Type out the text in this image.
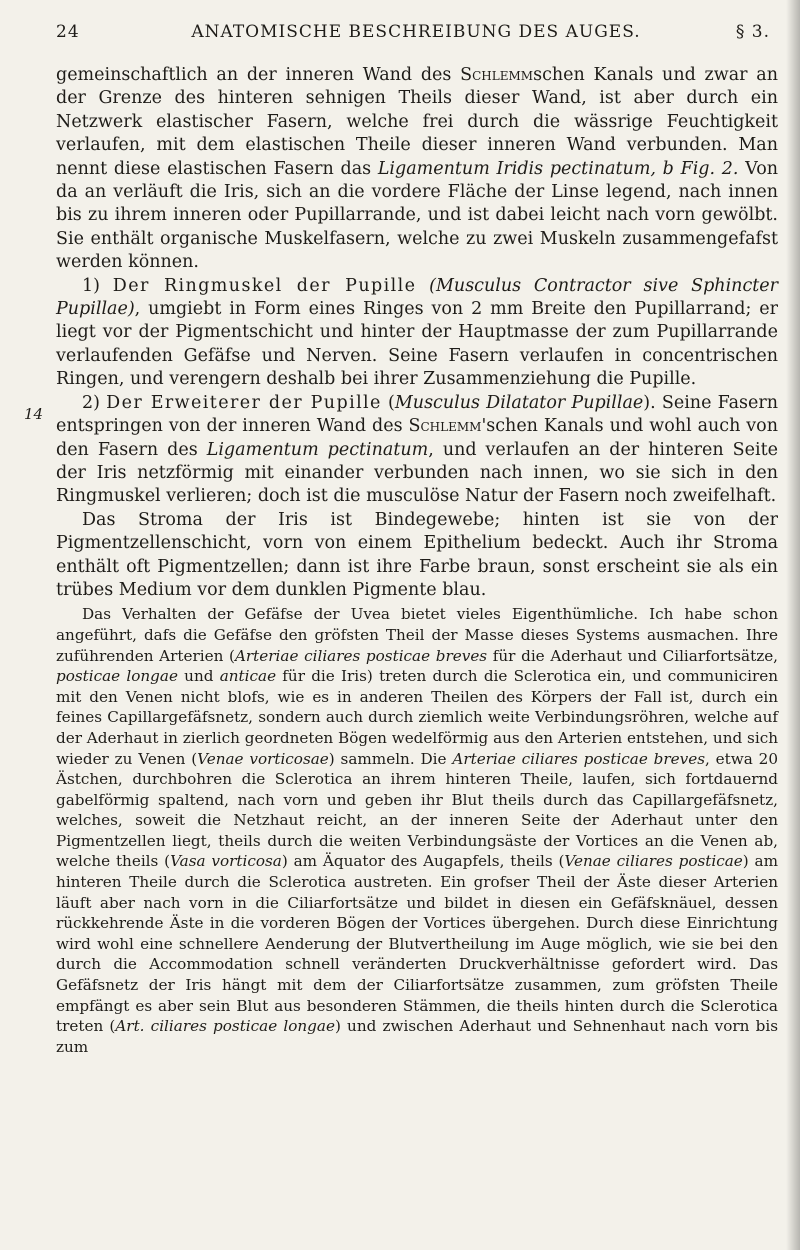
24	ANATOMISCHE BESCHREIBUNG DES AUGES.	§ 3.
14

gemeinschaftlich an der inneren Wand des Schlemmschen Kanals und zwar an der Grenze des hinteren sehnigen Theils dieser Wand, ist aber durch ein Netzwerk elastischer Fasern, welche frei durch die wässrige Feuchtigkeit verlaufen, mit dem elastischen Theile dieser inneren Wand verbunden. Man nennt diese elastischen Fasern das Ligamentum Iridis pectinatum, b Fig. 2. Von da an verläuft die Iris, sich an die vordere Fläche der Linse legend, nach innen bis zu ihrem inneren oder Pupillarrande, und ist dabei leicht nach vorn gewölbt. Sie enthält organische Muskelfasern, welche zu zwei Muskeln zusammengefafst werden können.

1) Der Ringmuskel der Pupille (Musculus Contractor sive Sphincter Pupillae), umgiebt in Form eines Ringes von 2 mm Breite den Pupillarrand; er liegt vor der Pigmentschicht und hinter der Hauptmasse der zum Pupillarrande verlaufenden Gefäfse und Nerven. Seine Fasern verlaufen in concentrischen Ringen, und verengern deshalb bei ihrer Zusammenziehung die Pupille.

2) Der Erweiterer der Pupille (Musculus Dilatator Pupillae). Seine Fasern entspringen von der inneren Wand des Schlemm'schen Kanals und wohl auch von den Fasern des Ligamentum pectinatum, und verlaufen an der hinteren Seite der Iris netzförmig mit einander verbunden nach innen, wo sie sich in den Ringmuskel verlieren; doch ist die musculöse Natur der Fasern noch zweifelhaft.

Das Stroma der Iris ist Bindegewebe; hinten ist sie von der Pigmentzellenschicht, vorn von einem Epithelium bedeckt. Auch ihr Stroma enthält oft Pigmentzellen; dann ist ihre Farbe braun, sonst erscheint sie als ein trübes Medium vor dem dunklen Pigmente blau.

Das Verhalten der Gefäfse der Uvea bietet vieles Eigenthümliche. Ich habe schon angeführt, dafs die Gefäfse den gröfsten Theil der Masse dieses Systems ausmachen. Ihre zuführenden Arterien (Arteriae ciliares posticae breves für die Aderhaut und Ciliarfortsätze, posticae longae und anticae für die Iris) treten durch die Sclerotica ein, und communiciren mit den Venen nicht blofs, wie es in anderen Theilen des Körpers der Fall ist, durch ein feines Capillargefäfsnetz, sondern auch durch ziemlich weite Verbindungsröhren, welche auf der Aderhaut in zierlich geordneten Bögen wedelförmig aus den Arterien entstehen, und sich wieder zu Venen (Venae vorticosae) sammeln. Die Arteriae ciliares posticae breves, etwa 20 Ästchen, durchbohren die Sclerotica an ihrem hinteren Theile, laufen, sich fortdauernd gabelförmig spaltend, nach vorn und geben ihr Blut theils durch das Capillargefäfsnetz, welches, soweit die Netzhaut reicht, an der inneren Seite der Aderhaut unter den Pigmentzellen liegt, theils durch die weiten Verbindungsäste der Vortices an die Venen ab, welche theils (Vasa vorticosa) am Äquator des Augapfels, theils (Venae ciliares posticae) am hinteren Theile durch die Sclerotica austreten. Ein grofser Theil der Äste dieser Arterien läuft aber nach vorn in die Ciliarfortsätze und bildet in diesen ein Gefäfsknäuel, dessen rückkehrende Äste in die vorderen Bögen der Vortices übergehen. Durch diese Einrichtung wird wohl eine schnellere Aenderung der Blutvertheilung im Auge möglich, wie sie bei den durch die Accommodation schnell veränderten Druckverhältnisse gefordert wird. Das Gefäfsnetz der Iris hängt mit dem der Ciliarfortsätze zusammen, zum gröfsten Theile empfängt es aber sein Blut aus besonderen Stämmen, die theils hinten durch die Sclerotica treten (Art. ciliares posticae longae) und zwischen Aderhaut und Sehnenhaut nach vorn bis zum
